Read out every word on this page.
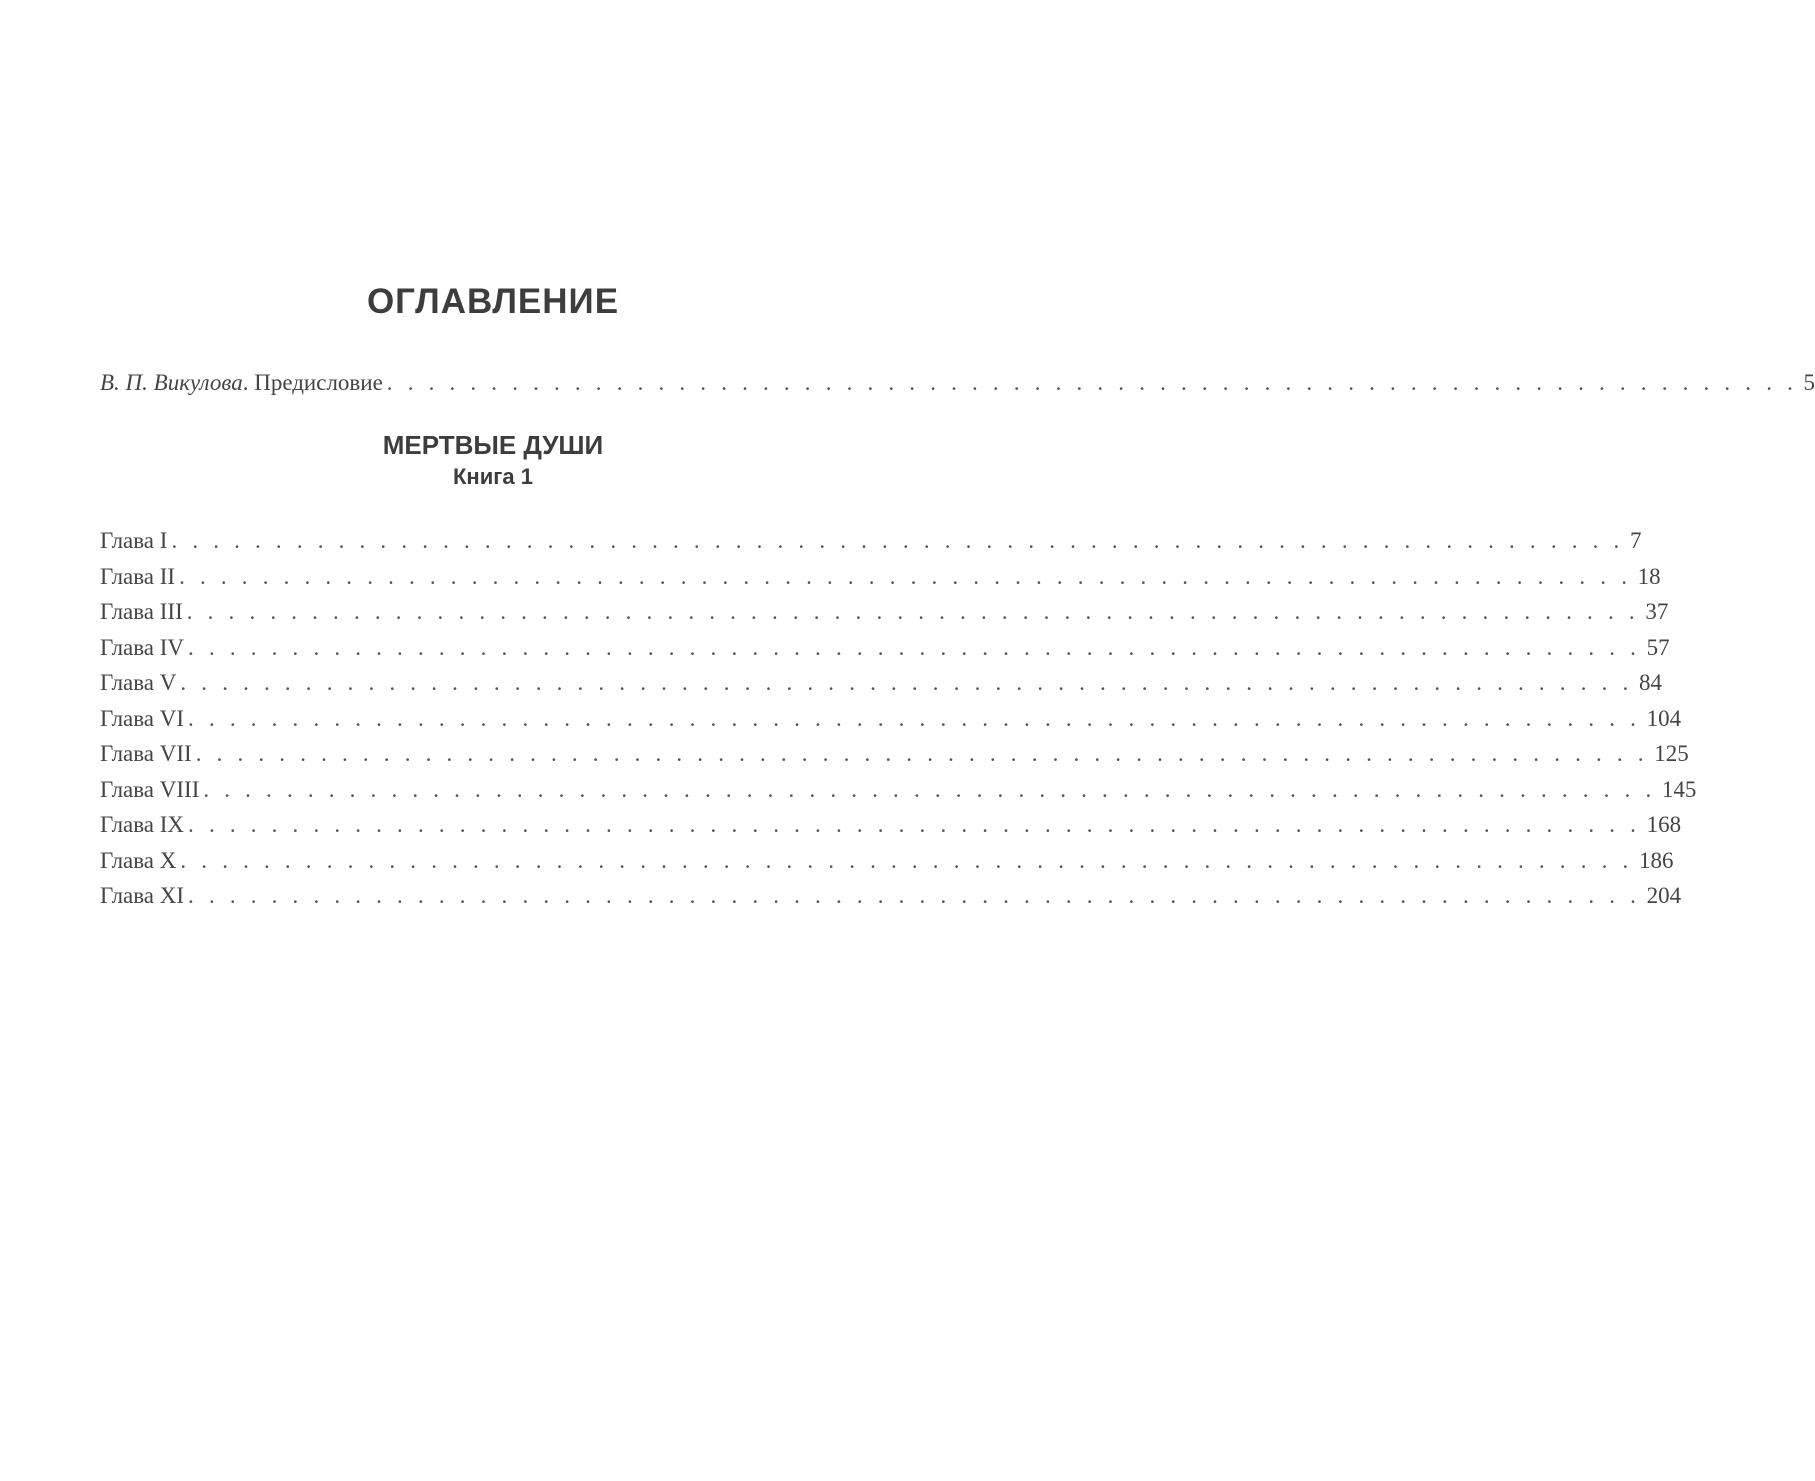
ОГЛАВЛЕНИЕ
В. П. Викулова. Предисловие . . . . . . . . . . . . . . . . . . . . . . . . . . . . . . . . . . . . . . . . . . . . . . . . . . . . . . . . . . . . . . . . . . . . 5
МЕРТВЫЕ ДУШИ
Книга 1
Глава I . . . . . . . . . . . . . . . . . . . . . . . . . . . . . . . . . . . . . . . . . . . . . . . . . . . . . . . . . . . . . . . . . . . . . . 7
Глава II . . . . . . . . . . . . . . . . . . . . . . . . . . . . . . . . . . . . . . . . . . . . . . . . . . . . . . . . . . . . . . . . . . . . . . 18
Глава III . . . . . . . . . . . . . . . . . . . . . . . . . . . . . . . . . . . . . . . . . . . . . . . . . . . . . . . . . . . . . . . . . . . . . . 37
Глава IV . . . . . . . . . . . . . . . . . . . . . . . . . . . . . . . . . . . . . . . . . . . . . . . . . . . . . . . . . . . . . . . . . . . . . . 57
Глава V . . . . . . . . . . . . . . . . . . . . . . . . . . . . . . . . . . . . . . . . . . . . . . . . . . . . . . . . . . . . . . . . . . . . . . 84
Глава VI . . . . . . . . . . . . . . . . . . . . . . . . . . . . . . . . . . . . . . . . . . . . . . . . . . . . . . . . . . . . . . . . . . . . . . 104
Глава VII . . . . . . . . . . . . . . . . . . . . . . . . . . . . . . . . . . . . . . . . . . . . . . . . . . . . . . . . . . . . . . . . . . . . . . 125
Глава VIII . . . . . . . . . . . . . . . . . . . . . . . . . . . . . . . . . . . . . . . . . . . . . . . . . . . . . . . . . . . . . . . . . . . . . . 145
Глава IX . . . . . . . . . . . . . . . . . . . . . . . . . . . . . . . . . . . . . . . . . . . . . . . . . . . . . . . . . . . . . . . . . . . . . . 168
Глава X . . . . . . . . . . . . . . . . . . . . . . . . . . . . . . . . . . . . . . . . . . . . . . . . . . . . . . . . . . . . . . . . . . . . . . 186
Глава XI . . . . . . . . . . . . . . . . . . . . . . . . . . . . . . . . . . . . . . . . . . . . . . . . . . . . . . . . . . . . . . . . . . . . . . 204
